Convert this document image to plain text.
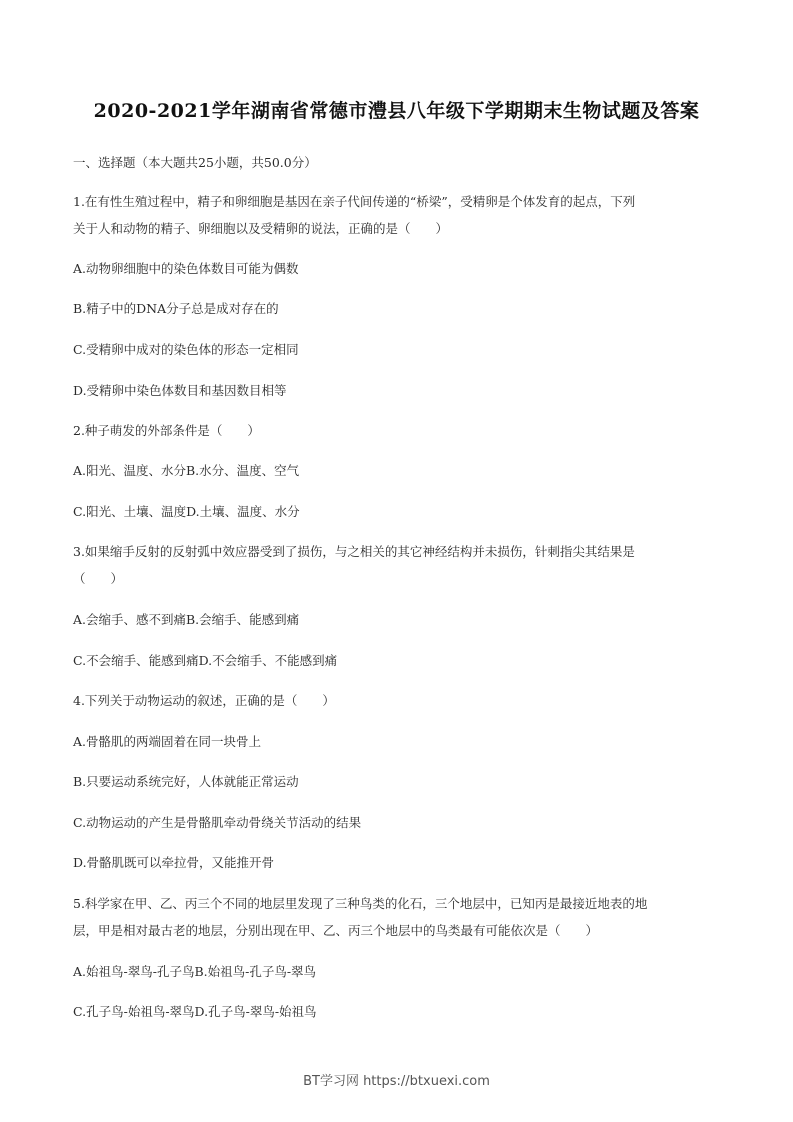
2020-2021学年湖南省常德市澧县八年级下学期期末生物试题及答案
一、选择题（本大题共25小题，共50.0分）
1.在有性生殖过程中，精子和卵细胞是基因在亲子代间传递的“桥梁”，受精卵是个体发育的起点，下列
关于人和动物的精子、卵细胞以及受精卵的说法，正确的是（　　）
A.动物卵细胞中的染色体数目可能为偶数
B.精子中的DNA分子总是成对存在的
C.受精卵中成对的染色体的形态一定相同
D.受精卵中染色体数目和基因数目相等
2.种子萌发的外部条件是（　　）
A.阳光、温度、水分B.水分、温度、空气
C.阳光、土壤、温度D.土壤、温度、水分
3.如果缩手反射的反射弧中效应器受到了损伤，与之相关的其它神经结构并未损伤，针刺指尖其结果是
（　　）
A.会缩手、感不到痛B.会缩手、能感到痛
C.不会缩手、能感到痛D.不会缩手、不能感到痛
4.下列关于动物运动的叙述，正确的是（　　）
A.骨骼肌的两端固着在同一块骨上
B.只要运动系统完好，人体就能正常运动
C.动物运动的产生是骨骼肌牵动骨绕关节活动的结果
D.骨骼肌既可以牵拉骨，又能推开骨
5.科学家在甲、乙、丙三个不同的地层里发现了三种鸟类的化石，三个地层中，已知丙是最接近地表的地
层，甲是相对最古老的地层，分别出现在甲、乙、丙三个地层中的鸟类最有可能依次是（　　）
A.始祖鸟-翠鸟-孔子鸟B.始祖鸟-孔子鸟-翠鸟
C.孔子鸟-始祖鸟-翠鸟D.孔子鸟-翠鸟-始祖鸟
BT学习网 https://btxuexi.com
